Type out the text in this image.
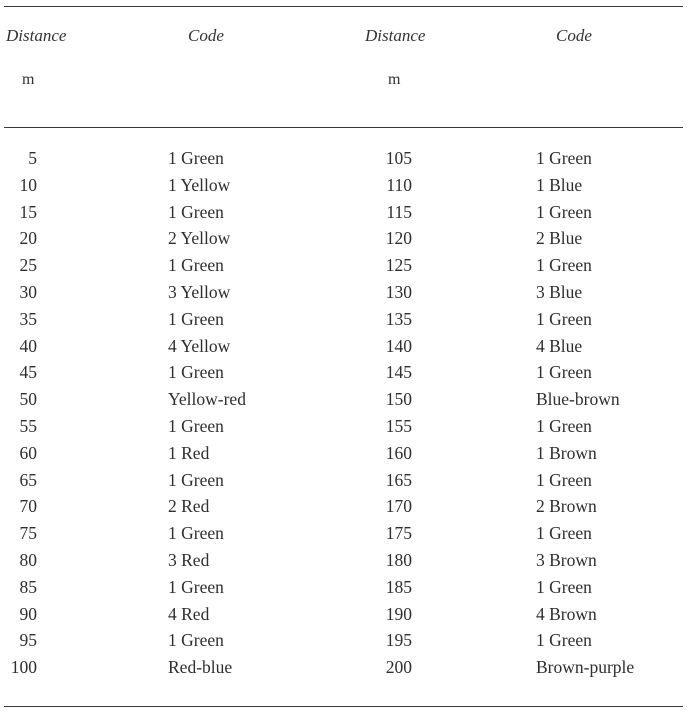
Distance	Code	Distance	Code
m	m
5	1 Green	105	1 Green
10	1 Yellow	110	1 Blue
15	1 Green	115	1 Green
20	2 Yellow	120	2 Blue
25	1 Green	125	1 Green
30	3 Yellow	130	3 Blue
35	1 Green	135	1 Green
40	4 Yellow	140	4 Blue
45	1 Green	145	1 Green
50	Yellow-red	150	Blue-brown
55	1 Green	155	1 Green
60	1 Red	160	1 Brown
65	1 Green	165	1 Green
70	2 Red	170	2 Brown
75	1 Green	175	1 Green
80	3 Red	180	3 Brown
85	1 Green	185	1 Green
90	4 Red	190	4 Brown
95	1 Green	195	1 Green
100	Red-blue	200	Brown-purple
